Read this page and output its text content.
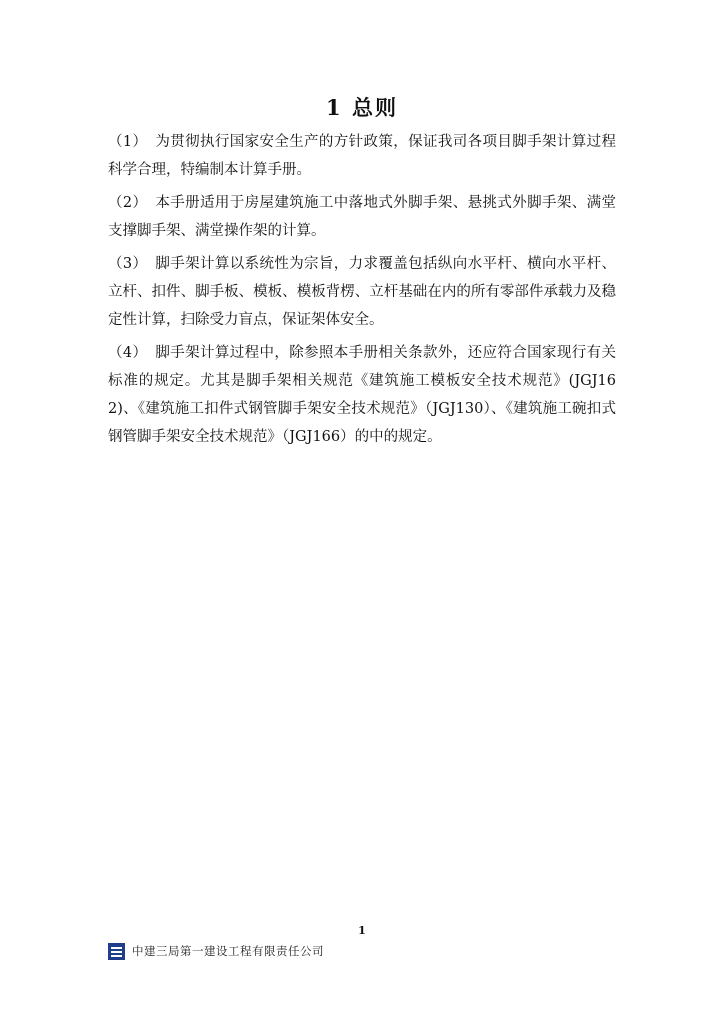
1 总则

（1） 为贯彻执行国家安全生产的方针政策，保证我司各项目脚手架计算过程科学合理，特编制本计算手册。

（2） 本手册适用于房屋建筑施工中落地式外脚手架、悬挑式外脚手架、满堂支撑脚手架、满堂操作架的计算。

（3） 脚手架计算以系统性为宗旨，力求覆盖包括纵向水平杆、横向水平杆、立杆、扣件、脚手板、模板、模板背楞、立杆基础在内的所有零部件承载力及稳定性计算，扫除受力盲点，保证架体安全。

（4） 脚手架计算过程中，除参照本手册相关条款外，还应符合国家现行有关标准的规定。尤其是脚手架相关规范《建筑施工模板安全技术规范》(JGJ162)、《建筑施工扣件式钢管脚手架安全技术规范》（JGJ130）、《建筑施工碗扣式钢管脚手架安全技术规范》（JGJ166）的中的规定。

1
中建三局第一建设工程有限责任公司
